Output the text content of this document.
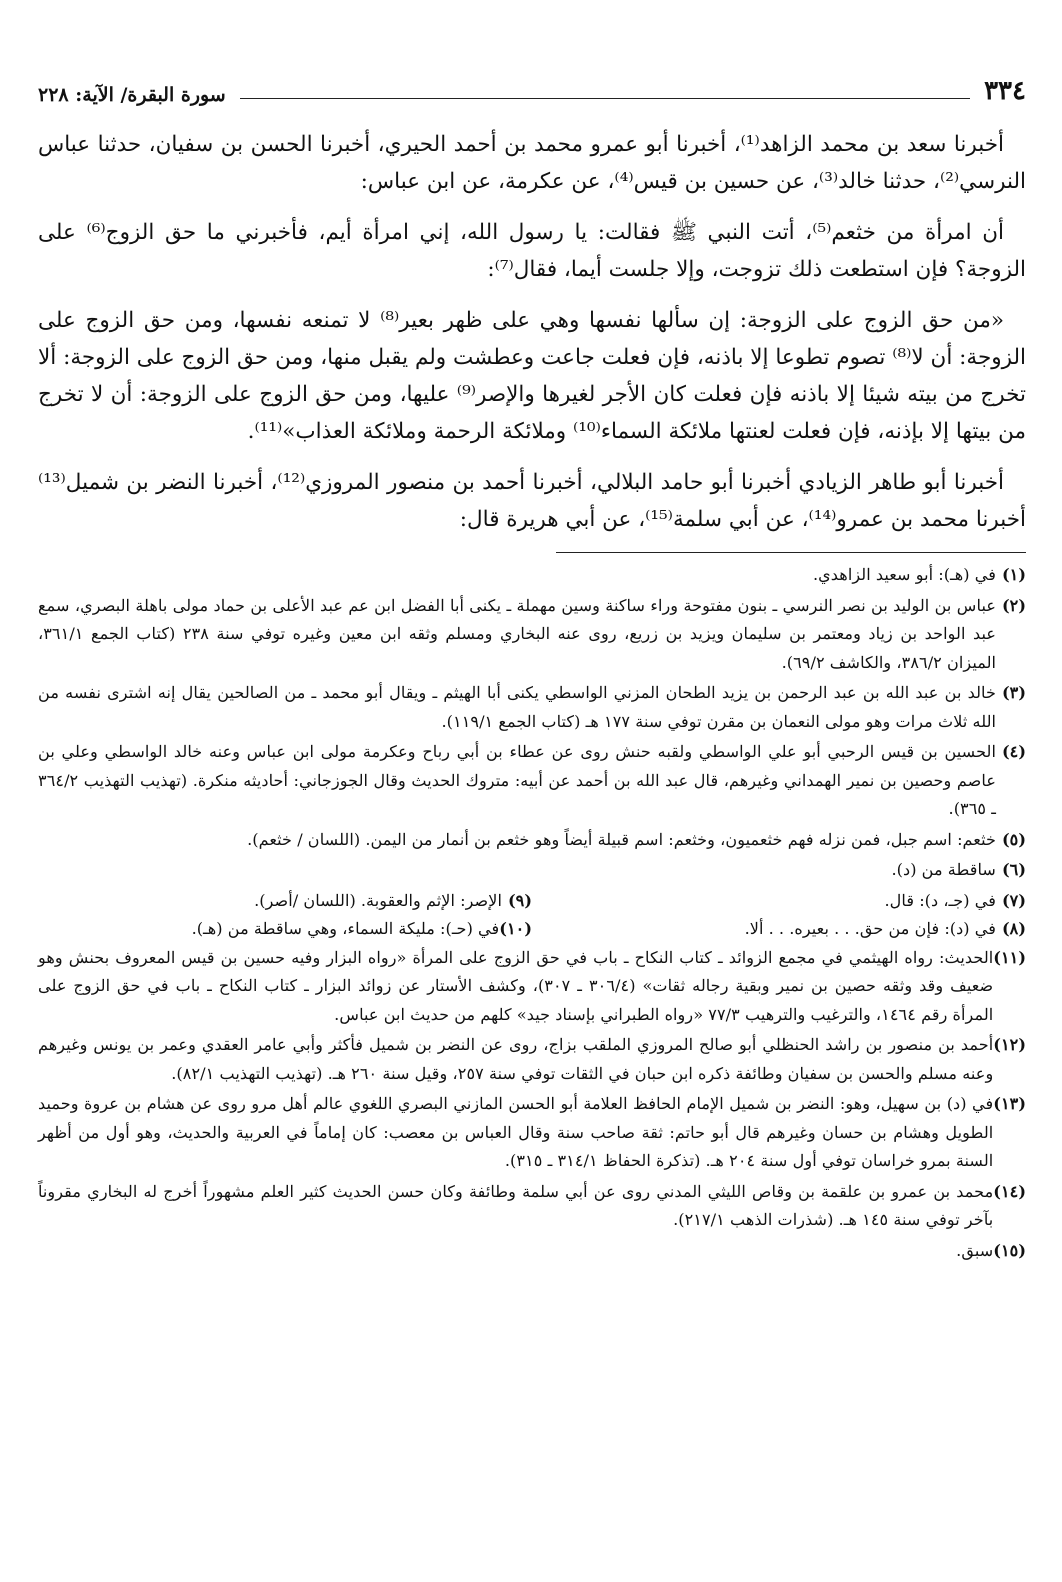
٣٣٤
سورة البقرة/ الآية: ٢٢٨

أخبرنا سعد بن محمد الزاهد⁽¹⁾، أخبرنا أبو عمرو محمد بن أحمد الحيري، أخبرنا الحسن بن سفيان، حدثنا عباس النرسي⁽²⁾، حدثنا خالد⁽³⁾، عن حسين بن قيس⁽⁴⁾، عن عكرمة، عن ابن عباس:

أن امرأة من خثعم⁽⁵⁾، أتت النبي ﷺ فقالت: يا رسول الله، إني امرأة أيم، فأخبرني ما حق الزوج⁽⁶⁾ على الزوجة؟ فإن استطعت ذلك تزوجت، وإلا جلست أيما، فقال⁽⁷⁾:

«من حق الزوج على الزوجة: إن سألها نفسها وهي على ظهر بعير⁽⁸⁾ لا تمنعه نفسها، ومن حق الزوج على الزوجة: أن لا⁽⁸⁾ تصوم تطوعا إلا باذنه، فإن فعلت جاعت وعطشت ولم يقبل منها، ومن حق الزوج على الزوجة: ألا تخرج من بيته شيئا إلا باذنه فإن فعلت كان الأجر لغيرها والإصر⁽⁹⁾ عليها، ومن حق الزوج على الزوجة: أن لا تخرج من بيتها إلا بإذنه، فإن فعلت لعنتها ملائكة السماء⁽¹⁰⁾ وملائكة الرحمة وملائكة العذاب»⁽¹¹⁾.

أخبرنا أبو طاهر الزيادي أخبرنا أبو حامد البلالي، أخبرنا أحمد بن منصور المروزي⁽¹²⁾، أخبرنا النضر بن شميل⁽¹³⁾ أخبرنا محمد بن عمرو⁽¹⁴⁾، عن أبي سلمة⁽¹⁵⁾، عن أبي هريرة قال:

(١)
في (هـ): أبو سعيد الزاهدي.
(٢)
عباس بن الوليد بن نصر النرسي ـ بنون مفتوحة وراء ساكنة وسين مهملة ـ يكنى أبا الفضل ابن عم عبد الأعلى بن حماد مولى باهلة البصري، سمع عبد الواحد بن زياد ومعتمر بن سليمان ويزيد بن زريع، روى عنه البخاري ومسلم وثقه ابن معين وغيره توفي سنة ٢٣٨ (كتاب الجمع ٣٦١/١، الميزان ٣٨٦/٢، والكاشف ٦٩/٢).
(٣)
خالد بن عبد الله بن عبد الرحمن بن يزيد الطحان المزني الواسطي يكنى أبا الهيثم ـ ويقال أبو محمد ـ من الصالحين يقال إنه اشترى نفسه من الله ثلاث مرات وهو مولى النعمان بن مقرن توفي سنة ١٧٧ هـ (كتاب الجمع ١١٩/١).
(٤)
الحسين بن قيس الرحبي أبو علي الواسطي ولقبه حنش روى عن عطاء بن أبي رباح وعكرمة مولى ابن عباس وعنه خالد الواسطي وعلي بن عاصم وحصين بن نمير الهمداني وغيرهم، قال عبد الله بن أحمد عن أبيه: متروك الحديث وقال الجوزجاني: أحاديثه منكرة. (تهذيب التهذيب ٣٦٤/٢ ـ ٣٦٥).
(٥)
خثعم: اسم جبل، فمن نزله فهم خثعميون، وخثعم: اسم قبيلة أيضاً وهو خثعم بن أنمار من اليمن. (اللسان / خثعم).
(٦)
ساقطة من (د).
(٧)
في (جـ، د): قال.
(٩)
الإصر: الإثم والعقوبة. (اللسان /أصر).
(٨)
في (د): فإن من حق. . . بعيره. . . ألا.
(١٠)
في (حـ): مليكة السماء، وهي ساقطة من (هـ).
(١١)
الحديث: رواه الهيثمي في مجمع الزوائد ـ كتاب النكاح ـ باب في حق الزوج على المرأة «رواه البزار وفيه حسين بن قيس المعروف بحنش وهو ضعيف وقد وثقه حصين بن نمير وبقية رجاله ثقات» (٣٠٦/٤ ـ ٣٠٧)، وكشف الأستار عن زوائد البزار ـ كتاب النكاح ـ باب في حق الزوج على المرأة رقم ١٤٦٤، والترغيب والترهيب ٧٧/٣ «رواه الطبراني بإسناد جيد» كلهم من حديث ابن عباس.
(١٢)
أحمد بن منصور بن راشد الحنظلي أبو صالح المروزي الملقب بزاج، روى عن النضر بن شميل فأكثر وأبي عامر العقدي وعمر بن يونس وغيرهم وعنه مسلم والحسن بن سفيان وطائفة ذكره ابن حبان في الثقات توفي سنة ٢٥٧، وقيل سنة ٢٦٠ هـ. (تهذيب التهذيب ٨٢/١).
(١٣)
في (د) بن سهيل، وهو: النضر بن شميل الإمام الحافظ العلامة أبو الحسن المازني البصري اللغوي عالم أهل مرو روى عن هشام بن عروة وحميد الطويل وهشام بن حسان وغيرهم قال أبو حاتم: ثقة صاحب سنة وقال العباس بن معصب: كان إماماً في العربية والحديث، وهو أول من أظهر السنة بمرو خراسان توفي أول سنة ٢٠٤ هـ. (تذكرة الحفاظ ٣١٤/١ ـ ٣١٥).
(١٤)
محمد بن عمرو بن علقمة بن وقاص الليثي المدني روى عن أبي سلمة وطائفة وكان حسن الحديث كثير العلم مشهوراً أخرج له البخاري مقروناً بآخر توفي سنة ١٤٥ هـ. (شذرات الذهب ٢١٧/١).
(١٥)
سبق.
